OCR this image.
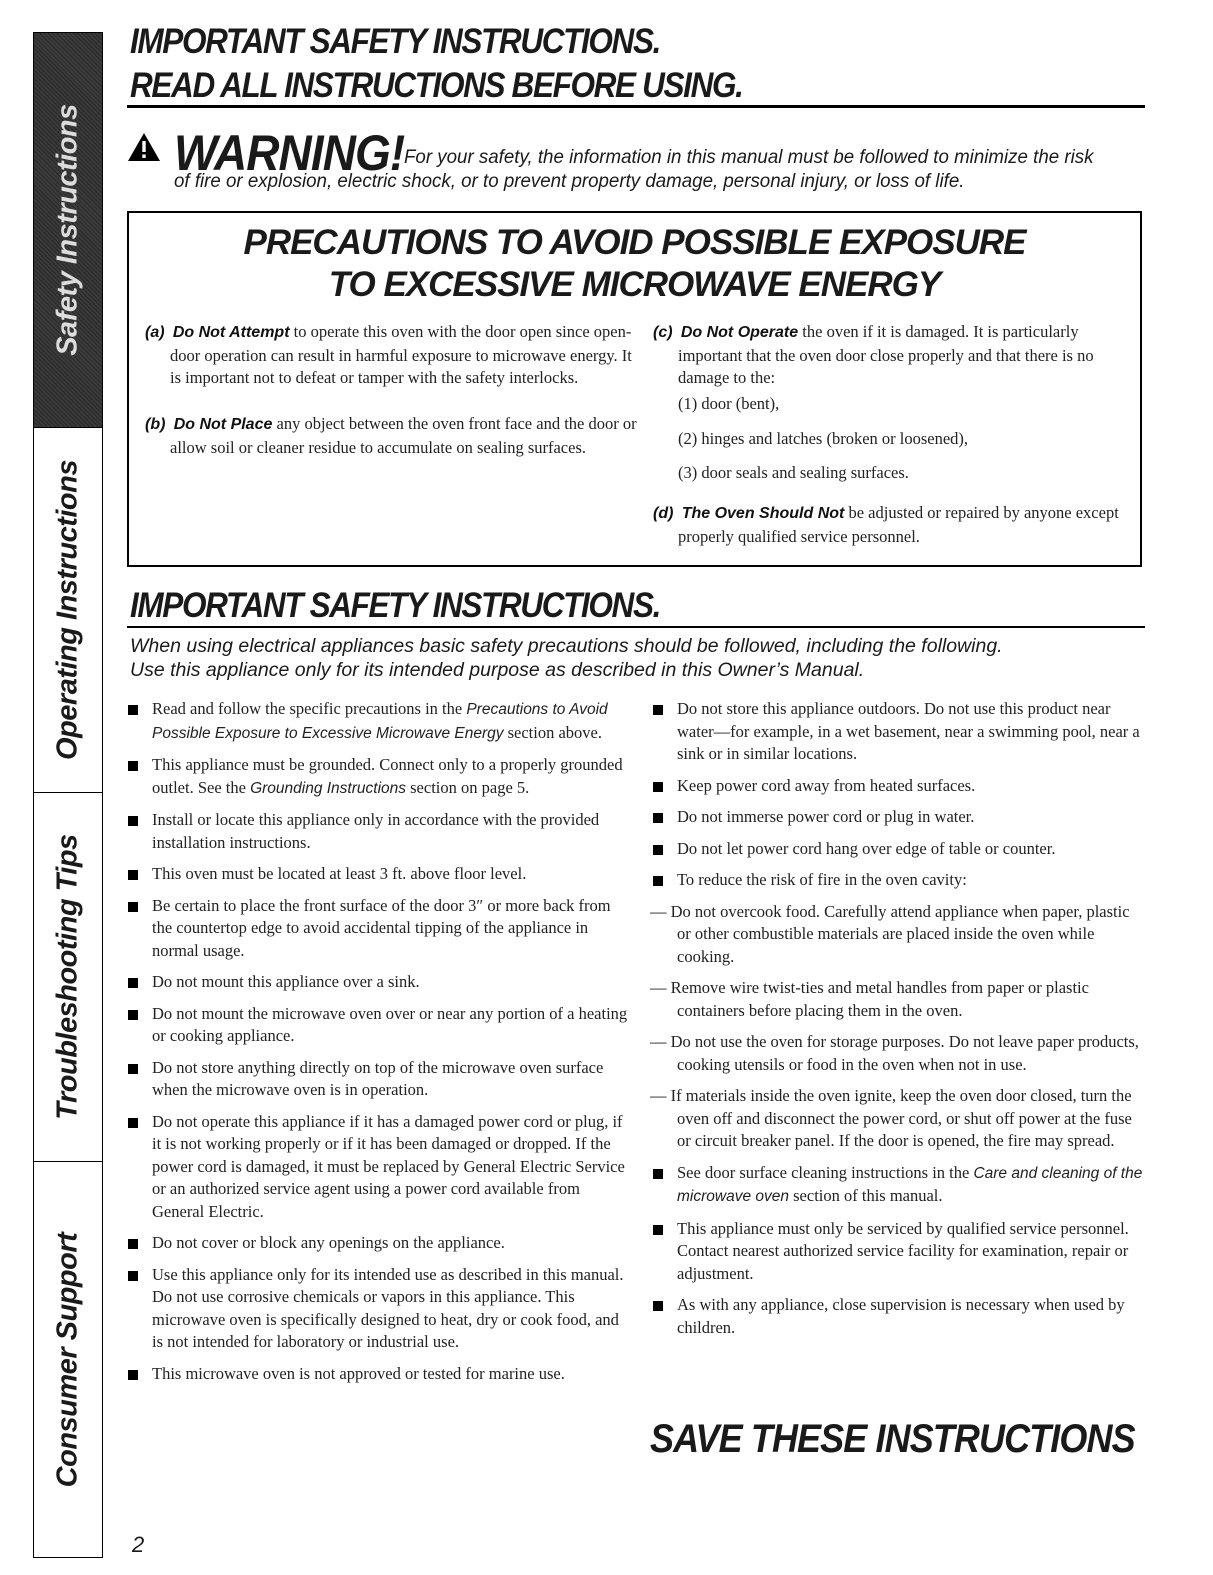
Safety Instructions
Operating Instructions
Troubleshooting Tips
Consumer Support
IMPORTANT SAFETY INSTRUCTIONS.
READ ALL INSTRUCTIONS BEFORE USING.
WARNING! For your safety, the information in this manual must be followed to minimize the risk
of fire or explosion, electric shock, or to prevent property damage, personal injury, or loss of life.
PRECAUTIONS TO AVOID POSSIBLE EXPOSURE
TO EXCESSIVE MICROWAVE ENERGY
(a) Do Not Attempt to operate this oven with the door open since open-door operation can result in harmful exposure to microwave energy. It is important not to defeat or tamper with the safety interlocks.
(b) Do Not Place any object between the oven front face and the door or allow soil or cleaner residue to accumulate on sealing surfaces.
(c) Do Not Operate the oven if it is damaged. It is particularly important that the oven door close properly and that there is no damage to the:
(1) door (bent),
(2) hinges and latches (broken or loosened),
(3) door seals and sealing surfaces.
(d) The Oven Should Not be adjusted or repaired by anyone except properly qualified service personnel.
IMPORTANT SAFETY INSTRUCTIONS.
When using electrical appliances basic safety precautions should be followed, including the following.
Use this appliance only for its intended purpose as described in this Owner’s Manual.
Read and follow the specific precautions in the Precautions to Avoid Possible Exposure to Excessive Microwave Energy section above.
This appliance must be grounded. Connect only to a properly grounded outlet. See the Grounding Instructions section on page 5.
Install or locate this appliance only in accordance with the provided installation instructions.
This oven must be located at least 3 ft. above floor level.
Be certain to place the front surface of the door 3″ or more back from the countertop edge to avoid accidental tipping of the appliance in normal usage.
Do not mount this appliance over a sink.
Do not mount the microwave oven over or near any portion of a heating or cooking appliance.
Do not store anything directly on top of the microwave oven surface when the microwave oven is in operation.
Do not operate this appliance if it has a damaged power cord or plug, if it is not working properly or if it has been damaged or dropped. If the power cord is damaged, it must be replaced by General Electric Service or an authorized service agent using a power cord available from General Electric.
Do not cover or block any openings on the appliance.
Use this appliance only for its intended use as described in this manual. Do not use corrosive chemicals or vapors in this appliance. This microwave oven is specifically designed to heat, dry or cook food, and is not intended for laboratory or industrial use.
This microwave oven is not approved or tested for marine use.
Do not store this appliance outdoors. Do not use this product near water—for example, in a wet basement, near a swimming pool, near a sink or in similar locations.
Keep power cord away from heated surfaces.
Do not immerse power cord or plug in water.
Do not let power cord hang over edge of table or counter.
To reduce the risk of fire in the oven cavity:
— Do not overcook food. Carefully attend appliance when paper, plastic or other combustible materials are placed inside the oven while cooking.
— Remove wire twist-ties and metal handles from paper or plastic containers before placing them in the oven.
— Do not use the oven for storage purposes. Do not leave paper products, cooking utensils or food in the oven when not in use.
— If materials inside the oven ignite, keep the oven door closed, turn the oven off and disconnect the power cord, or shut off power at the fuse or circuit breaker panel. If the door is opened, the fire may spread.
See door surface cleaning instructions in the Care and cleaning of the microwave oven section of this manual.
This appliance must only be serviced by qualified service personnel. Contact nearest authorized service facility for examination, repair or adjustment.
As with any appliance, close supervision is necessary when used by children.
SAVE THESE INSTRUCTIONS
2
